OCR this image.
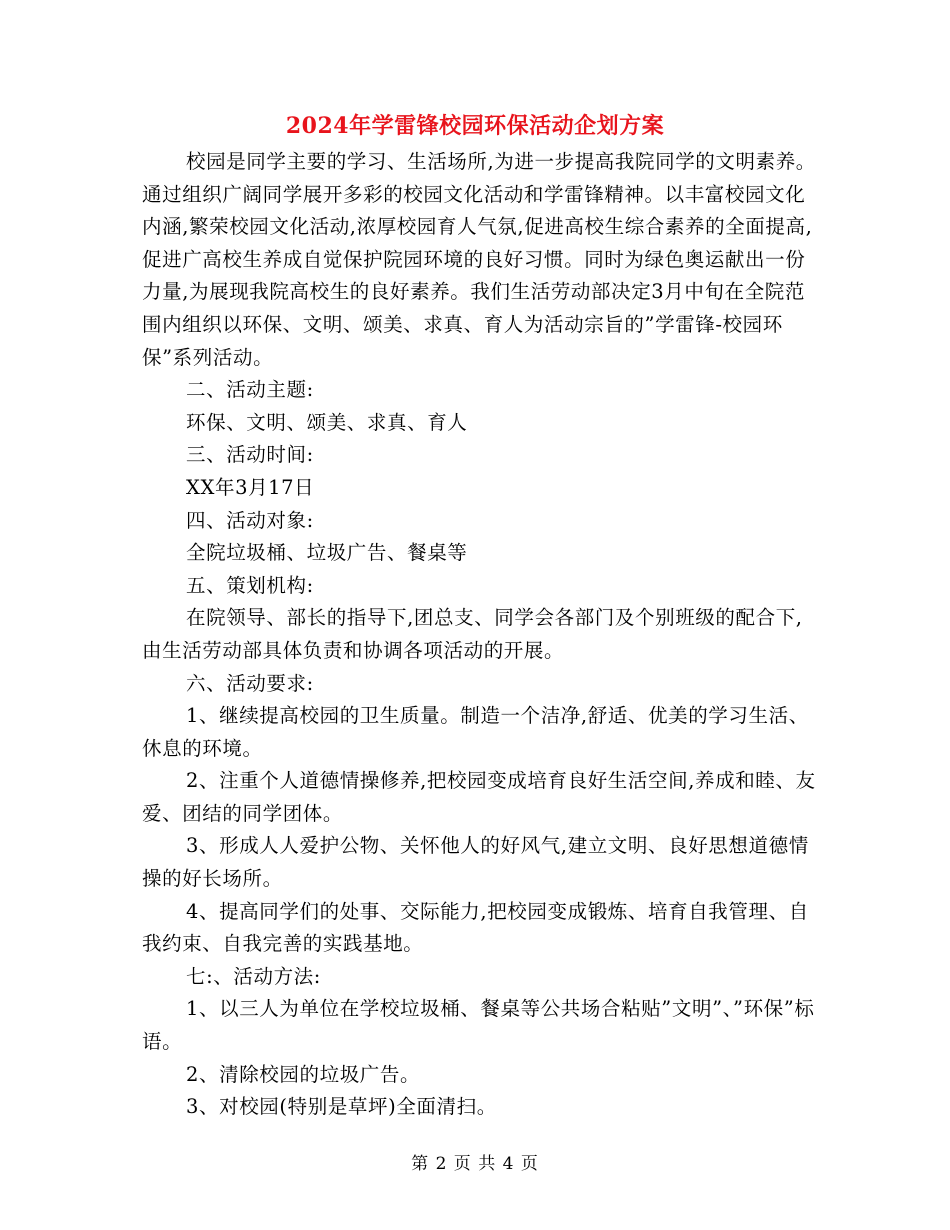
2024年学雷锋校园环保活动企划方案

校园是同学主要的学习、生活场所,为进一步提高我院同学的文明素养。通过组织广阔同学展开多彩的校园文化活动和学雷锋精神。以丰富校园文化内涵,繁荣校园文化活动,浓厚校园育人气氛,促进高校生综合素养的全面提高,促进广高校生养成自觉保护院园环境的良好习惯。同时为绿色奥运献出一份力量,为展现我院高校生的良好素养。我们生活劳动部决定3月中旬在全院范围内组织以环保、文明、颂美、求真、育人为活动宗旨的”学雷锋-校园环保”系列活动。

二、活动主题:

环保、文明、颂美、求真、育人

三、活动时间:

XX年3月17日

四、活动对象:

全院垃圾桶、垃圾广告、餐桌等

五、策划机构:

在院领导、部长的指导下,团总支、同学会各部门及个别班级的配合下,由生活劳动部具体负责和协调各项活动的开展。

六、活动要求:

1、继续提高校园的卫生质量。制造一个洁净,舒适、优美的学习生活、休息的环境。

2、注重个人道德情操修养,把校园变成培育良好生活空间,养成和睦、友爱、团结的同学团体。

3、形成人人爱护公物、关怀他人的好风气,建立文明、良好思想道德情操的好长场所。

4、提高同学们的处事、交际能力,把校园变成锻炼、培育自我管理、自我约束、自我完善的实践基地。

七:、活动方法:

1、以三人为单位在学校垃圾桶、餐桌等公共场合粘贴”文明”、”环保”标语。

2、清除校园的垃圾广告。

3、对校园(特别是草坪)全面清扫。

第 2 页 共 4 页
